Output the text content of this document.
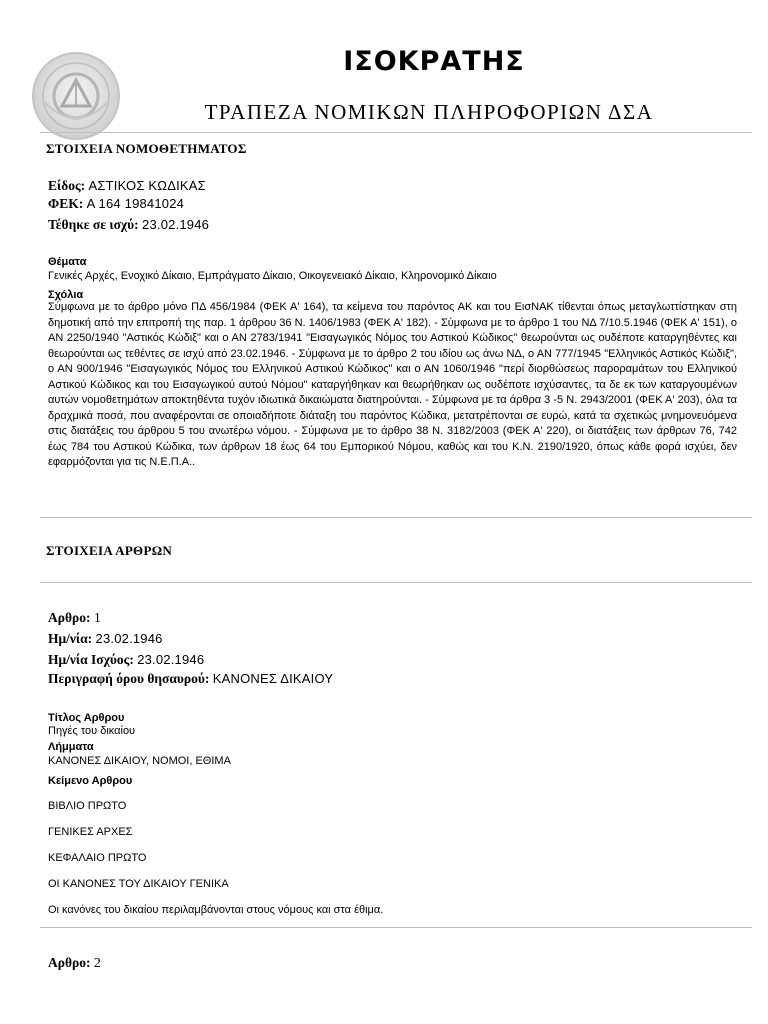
ΙΣΟΚΡΑΤΗΣ
ΤΡΑΠΕΖΑ ΝΟΜΙΚΩΝ ΠΛΗΡΟΦΟΡΙΩΝ ΔΣΑ
ΣΤΟΙΧΕΙΑ ΝΟΜΟΘΕΤΗΜΑΤΟΣ
Είδος: ΑΣΤΙΚΟΣ ΚΩΔΙΚΑΣ
ΦΕΚ: Α 164 19841024
Τέθηκε σε ισχύ: 23.02.1946
Θέματα
Γενικές Αρχές, Ενοχικό Δίκαιο, Εμπράγματο Δίκαιο, Οικογενειακό Δίκαιο, Κληρονομικό Δίκαιο
Σχόλια
Σύμφωνα με το άρθρο μόνο ΠΔ 456/1984 (ΦΕΚ Α' 164), τα κείμενα του παρόντος ΑΚ και του ΕισΝΑΚ τίθενται όπως μεταγλωττίστηκαν στη δημοτική από την επιτροπή της παρ. 1 άρθρου 36 Ν. 1406/1983 (ΦΕΚ Α' 182). - Σύμφωνα με το άρθρο 1 του ΝΔ 7/10.5.1946 (ΦΕΚ Α' 151), ο ΑΝ 2250/1940 "Αστικός Κώδιξ" και ο ΑΝ 2783/1941 "Εισαγωγικός Νόμος του Αστικού Κώδικος" θεωρούνται ως ουδέποτε καταργηθέντες και θεωρούνται ως τεθέντες σε ισχύ από 23.02.1946. - Σύμφωνα με το άρθρο 2 του ιδίου ως άνω ΝΔ, ο ΑΝ 777/1945 "Ελληνικός Αστικός Κώδιξ", ο ΑΝ 900/1946 "Εισαγωγικός Νόμος του Ελληνικού Αστικού Κώδικος" και ο ΑΝ 1060/1946 "περί διορθώσεως παροραμάτων του Ελληνικού Αστικού Κώδικος και του Εισαγωγικού αυτού Νόμου" καταργήθηκαν και θεωρήθηκαν ως ουδέποτε ισχύσαντες, τα δε εκ των καταργουμένων αυτών νομοθετημάτων αποκτηθέντα τυχόν ιδιωτικά δικαιώματα διατηρούνται. - Σύμφωνα με τα άρθρα 3 -5 Ν. 2943/2001 (ΦΕΚ Α' 203), όλα τα δραχμικά ποσά, που αναφέρονται σε οποιαδήποτε διάταξη του παρόντος Κώδικα, μετατρέπονται σε ευρώ, κατά τα σχετικώς μνημονευόμενα στις διατάξεις του άρθρου 5 του ανωτέρω νόμου. - Σύμφωνα με το άρθρο 38 Ν. 3182/2003 (ΦΕΚ Α' 220), οι διατάξεις των άρθρων 76, 742 έως 784 του Αστικού Κώδικα, των άρθρων 18 έως 64 του Εμπορικού Νόμου, καθώς και του Κ.Ν. 2190/1920, όπως κάθε φορά ισχύει, δεν εφαρμόζονται για τις Ν.Ε.Π.Α..
ΣΤΟΙΧΕΙΑ ΑΡΘΡΩΝ
Αρθρο: 1
Ημ/νία: 23.02.1946
Ημ/νία Ισχύος: 23.02.1946
Περιγραφή όρου θησαυρού: ΚΑΝΟΝΕΣ ΔΙΚΑΙΟΥ
Τίτλος Αρθρου
Πηγές του δικαίου
Λήμματα
ΚΑΝΟΝΕΣ ΔΙΚΑΙΟΥ, ΝΟΜΟΙ, ΕΘΙΜΑ
Κείμενο Αρθρου
ΒΙΒΛΙΟ ΠΡΩΤΟ
ΓΕΝΙΚΕΣ ΑΡΧΕΣ
ΚΕΦΑΛΑΙΟ ΠΡΩΤΟ
ΟΙ ΚΑΝΟΝΕΣ ΤΟΥ ΔΙΚΑΙΟΥ ΓΕΝΙΚΑ
Οι κανόνες του δικαίου περιλαμβάνονται στους νόμους και στα έθιμα.
Αρθρο: 2
